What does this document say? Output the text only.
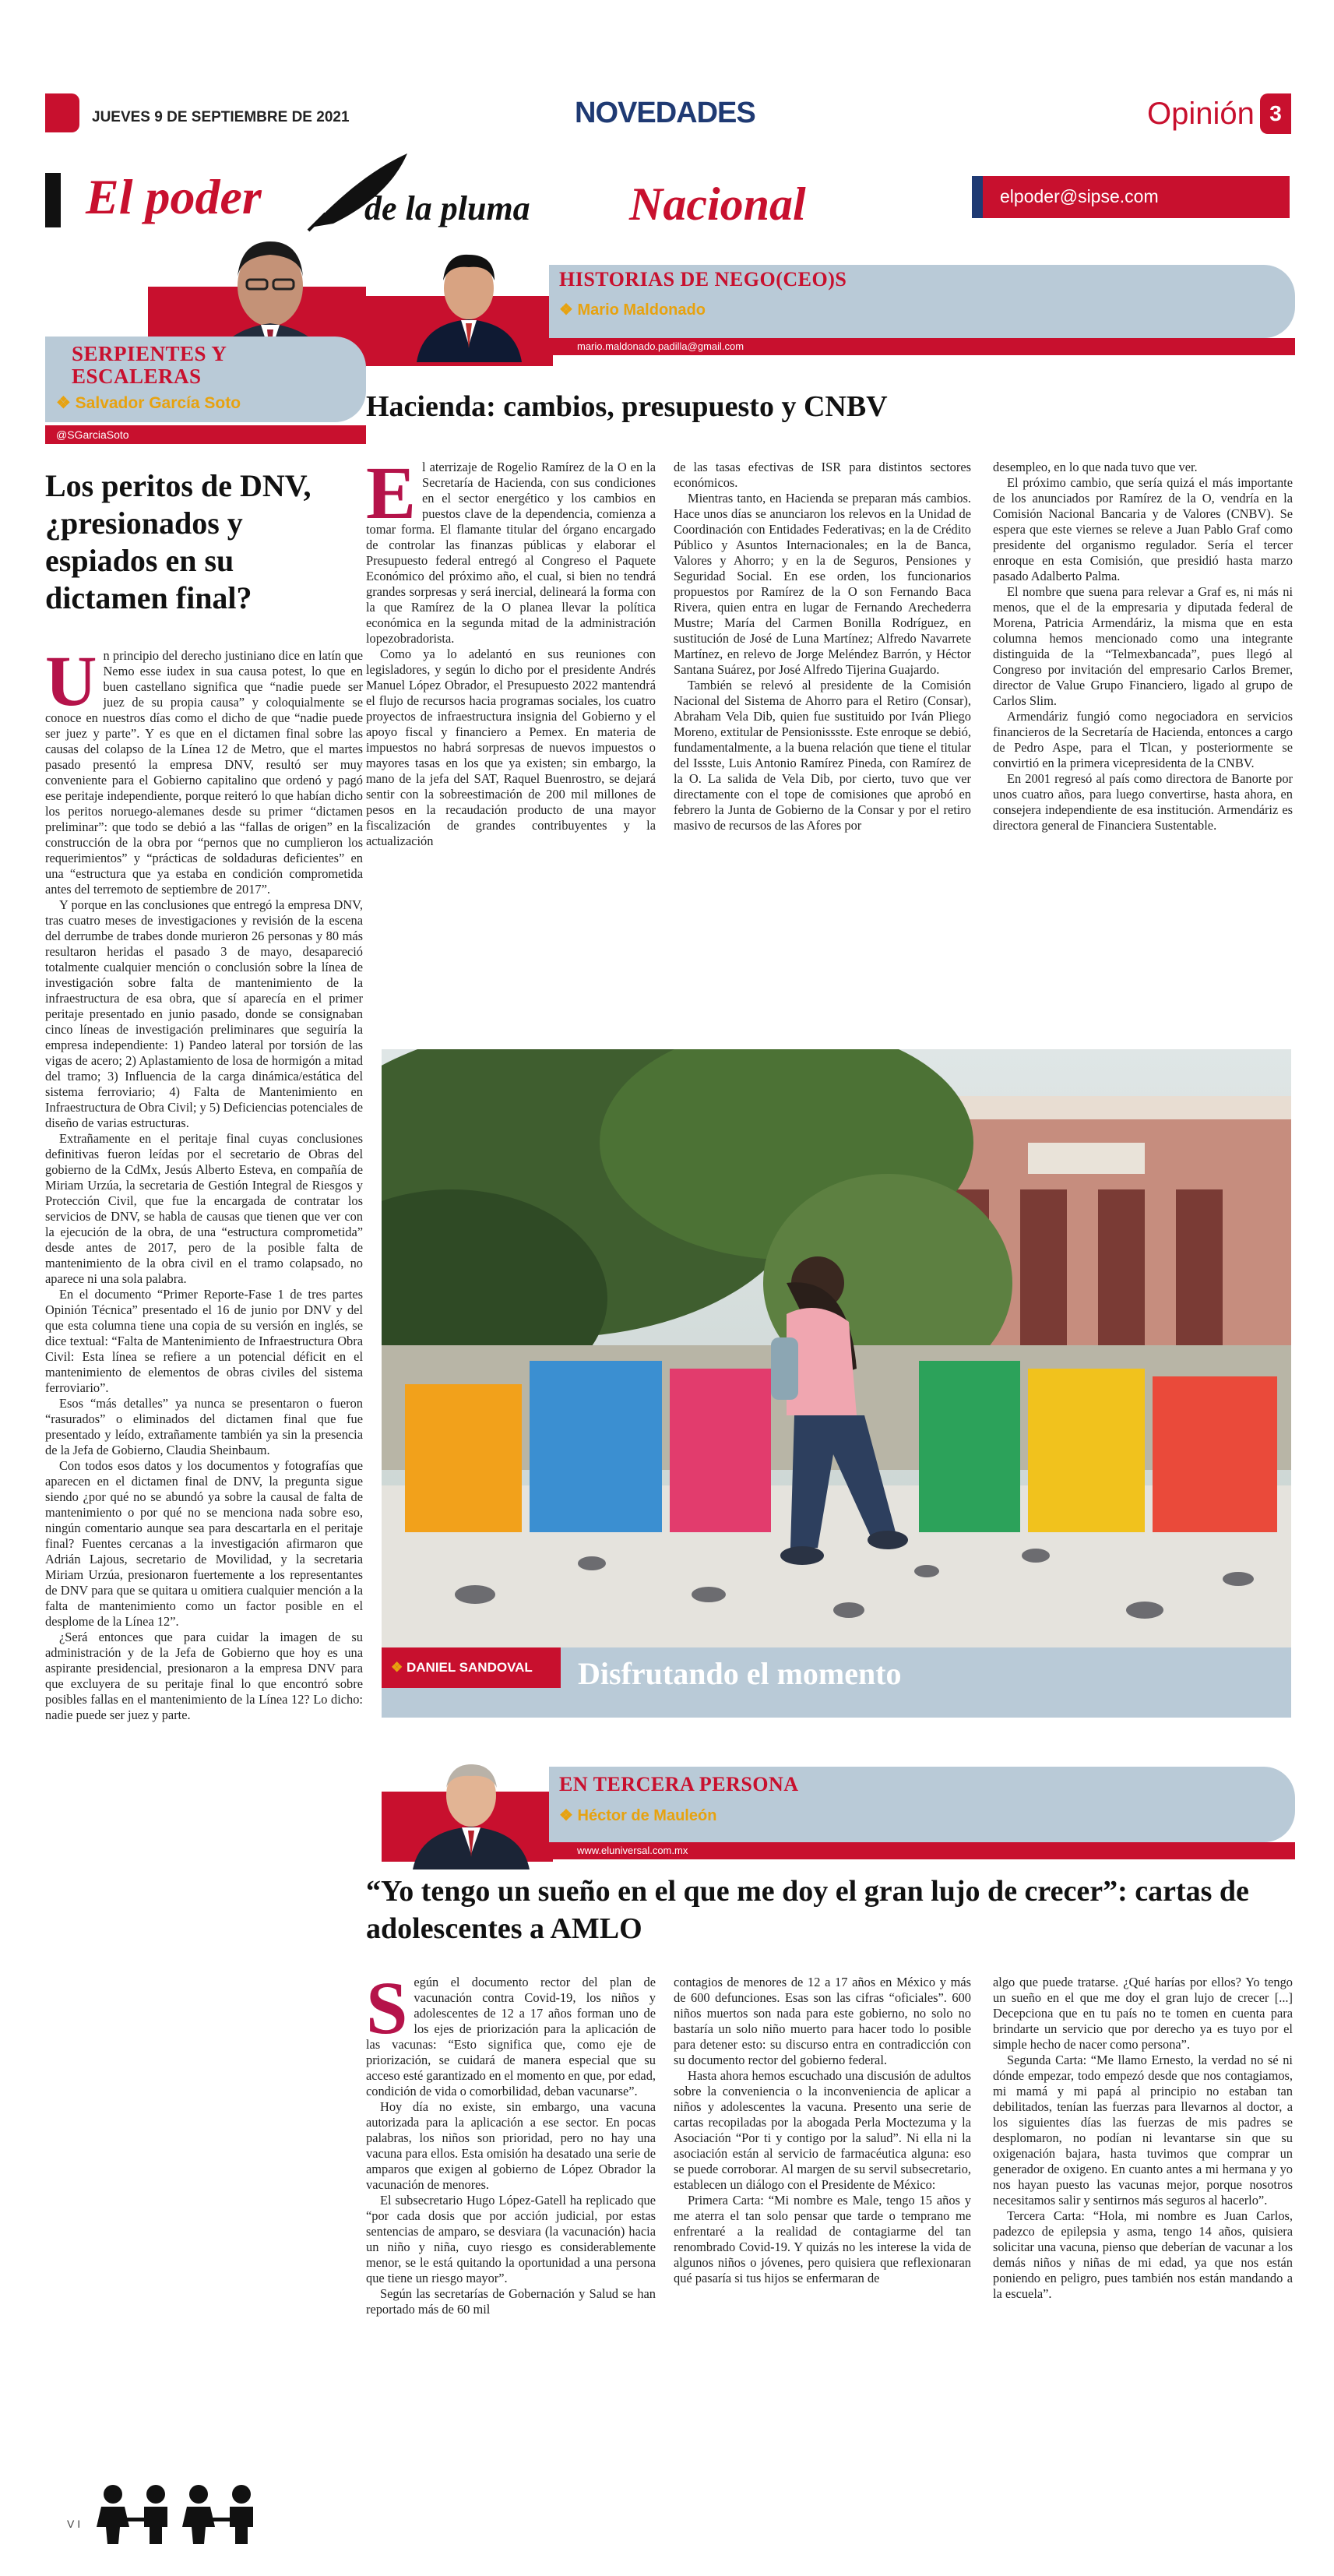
JUEVES 9 DE SEPTIEMBRE DE 2021	NOVEDADES	Opinión 3
El poder	de la pluma Nacional	elpoder@sipse.com
SERPIENTES Y ESCALERAS
❖ Salvador García Soto
@SGarciaSoto
Los peritos de DNV, ¿presionados y espiados en su dictamen final?
U n principio del derecho justiniano dice en latín que Nemo esse iudex in sua causa potest, lo que en buen castellano significa que “nadie puede ser juez de su propia causa” y coloquialmente se conoce en nuestros días como el dicho de que “nadie puede ser juez y parte”. Y es que en el dictamen final sobre las causas del colapso de la Línea 12 de Metro, que el martes pasado presentó la empresa DNV, resultó ser muy conveniente para el Gobierno capitalino que ordenó y pagó ese peritaje independiente, porque reiteró lo que habían dicho los peritos noruego-alemanes desde su primer “dictamen preliminar”: que todo se debió a las “fallas de origen” en la construcción de la obra por “pernos que no cumplieron los requerimientos” y “prácticas de soldaduras deficientes” en una “estructura que ya estaba en condición comprometida antes del terremoto de septiembre de 2017”.

Y porque en las conclusiones que entregó la empresa DNV, tras cuatro meses de investigaciones y revisión de la escena del derrumbe de trabes donde murieron 26 personas y 80 más resultaron heridas el pasado 3 de mayo, desapareció totalmente cualquier mención o conclusión sobre la línea de investigación sobre falta de mantenimiento de la infraestructura de esa obra, que sí aparecía en el primer peritaje presentado en junio pasado, donde se consignaban cinco líneas de investigación preliminares que seguiría la empresa independiente: 1) Pandeo lateral por torsión de las vigas de acero; 2) Aplastamiento de losa de hormigón a mitad del tramo; 3) Influencia de la carga dinámica/estática del sistema ferroviario; 4) Falta de Mantenimiento en Infraestructura de Obra Civil; y 5) Deficiencias potenciales de diseño de varias estructuras.

Extrañamente en el peritaje final cuyas conclusiones definitivas fueron leídas por el secretario de Obras del gobierno de la CdMx, Jesús Alberto Esteva, en compañía de Miriam Urzúa, la secretaria de Gestión Integral de Riesgos y Protección Civil, que fue la encargada de contratar los servicios de DNV, se habla de causas que tienen que ver con la ejecución de la obra, de una “estructura comprometida” desde antes de 2017, pero de la posible falta de mantenimiento de la obra civil en el tramo colapsado, no aparece ni una sola palabra.

En el documento “Primer Reporte-Fase 1 de tres partes Opinión Técnica” presentado el 16 de junio por DNV y del que esta columna tiene una copia de su versión en inglés, se dice textual: “Falta de Mantenimiento de Infraestructura Obra Civil: Esta línea se refiere a un potencial déficit en el mantenimiento de elementos de obras civiles del sistema ferroviario”.

Esos “más detalles” ya nunca se presentaron o fueron “rasurados” o eliminados del dictamen final que fue presentado y leído, extrañamente también ya sin la presencia de la Jefa de Gobierno, Claudia Sheinbaum.

Con todos esos datos y los documentos y fotografías que aparecen en el dictamen final de DNV, la pregunta sigue siendo ¿por qué no se abundó ya sobre la causal de falta de mantenimiento o por qué no se menciona nada sobre eso, ningún comentario aunque sea para descartarla en el peritaje final? Fuentes cercanas a la investigación afirmaron que Adrián Lajous, secretario de Movilidad, y la secretaria Miriam Urzúa, presionaron fuertemente a los representantes de DNV para que se quitara u omitiera cualquier mención a la falta de mantenimiento como un factor posible en el desplome de la Línea 12”.

¿Será entonces que para cuidar la imagen de su administración y de la Jefa de Gobierno que hoy es una aspirante presidencial, presionaron a la empresa DNV para que excluyera de su peritaje final lo que encontró sobre posibles fallas en el mantenimiento de la Línea 12? Lo dicho: nadie puede ser juez y parte.

V I
HISTORIAS DE NEGO(CEO)S
❖ Mario Maldonado
mario.maldonado.padilla@gmail.com
Hacienda: cambios, presupuesto y CNBV
E l aterrizaje de Rogelio Ramírez de la O en la Secretaría de Hacienda, con sus condiciones en el sector energético y los cambios en puestos clave de la dependencia, comienza a tomar forma. El flamante titular del órgano encargado de controlar las finanzas públicas y elaborar el Presupuesto federal entregó al Congreso el Paquete Económico del próximo año, el cual, si bien no tendrá grandes sorpresas y será inercial, delineará la forma con la que Ramírez de la O planea llevar la política económica en la segunda mitad de la administración lopezobradorista.

Como ya lo adelantó en sus reuniones con legisladores, y según lo dicho por el presidente Andrés Manuel López Obrador, el Presupuesto 2022 mantendrá el flujo de recursos hacia programas sociales, los cuatro proyectos de infraestructura insignia del Gobierno y el apoyo fiscal y financiero a Pemex. En materia de impuestos no habrá sorpresas de nuevos impuestos o mayores tasas en los que ya existen; sin embargo, la mano de la jefa del SAT, Raquel Buenrostro, se dejará sentir con la sobreestimación de 200 mil millones de pesos en la recaudación producto de una mayor fiscalización de grandes contribuyentes y la actualización

de las tasas efectivas de ISR para distintos sectores económicos.

Mientras tanto, en Hacienda se preparan más cambios. Hace unos días se anunciaron los relevos en la Unidad de Coordinación con Entidades Federativas; en la de Crédito Público y Asuntos Internacionales; en la de Banca, Valores y Ahorro; y en la de Seguros, Pensiones y Seguridad Social. En ese orden, los funcionarios propuestos por Ramírez de la O son Fernando Baca Rivera, quien entra en lugar de Fernando Arechederra Mustre; María del Carmen Bonilla Rodríguez, en sustitución de José de Luna Martínez; Alfredo Navarrete Martínez, en relevo de Jorge Meléndez Barrón, y Héctor Santana Suárez, por José Alfredo Tijerina Guajardo.

También se relevó al presidente de la Comisión Nacional del Sistema de Ahorro para el Retiro (Consar), Abraham Vela Dib, quien fue sustituido por Iván Pliego Moreno, extitular de Pensionissste. Este enroque se debió, fundamentalmente, a la buena relación que tiene el titular del Issste, Luis Antonio Ramírez Pineda, con Ramírez de la O. La salida de Vela Dib, por cierto, tuvo que ver directamente con el tope de comisiones que aprobó en febrero la Junta de Gobierno de la Consar y por el retiro masivo de recursos de las Afores por

desempleo, en lo que nada tuvo que ver.

El próximo cambio, que sería quizá el más importante de los anunciados por Ramírez de la O, vendría en la Comisión Nacional Bancaria y de Valores (CNBV). Se espera que este viernes se releve a Juan Pablo Graf como presidente del organismo regulador. Sería el tercer enroque en esta Comisión, que presidió hasta marzo pasado Adalberto Palma.

El nombre que suena para relevar a Graf es, ni más ni menos, que el de la empresaria y diputada federal de Morena, Patricia Armendáriz, la misma que en esta columna hemos mencionado como una integrante distinguida de la “Telmexbancada”, pues llegó al Congreso por invitación del empresario Carlos Bremer, director de Value Grupo Financiero, ligado al grupo de Carlos Slim.

Armendáriz fungió como negociadora en servicios financieros de la Secretaría de Hacienda, entonces a cargo de Pedro Aspe, para el Tlcan, y posteriormente se convirtió en la primera vicepresidenta de la CNBV.

En 2001 regresó al país como directora de Banorte por unos cuatro años, para luego convertirse, hasta ahora, en consejera independiente de esa institución. Armendáriz es directora general de Financiera Sustentable.

❖ DANIEL SANDOVAL	Disfrutando el momento
EN TERCERA PERSONA
❖ Héctor de Mauleón
www.eluniversal.com.mx
“Yo tengo un sueño en el que me doy el gran lujo de crecer”: cartas de adolescentes a AMLO
S egún el documento rector del plan de vacunación contra Covid-19, los niños y adolescentes de 12 a 17 años forman uno de los ejes de priorización para la aplicación de las vacunas: “Esto significa que, como eje de priorización, se cuidará de manera especial que su acceso esté garantizado en el momento en que, por edad, condición de vida o comorbilidad, deban vacunarse”.

Hoy día no existe, sin embargo, una vacuna autorizada para la aplicación a ese sector. En pocas palabras, los niños son prioridad, pero no hay una vacuna para ellos. Esta omisión ha desatado una serie de amparos que exigen al gobierno de López Obrador la vacunación de menores.

El subsecretario Hugo López-Gatell ha replicado que “por cada dosis que por acción judicial, por estas sentencias de amparo, se desviara (la vacunación) hacia un niño y niña, cuyo riesgo es considerablemente menor, se le está quitando la oportunidad a una persona que tiene un riesgo mayor”.

Según las secretarías de Gobernación y Salud se han reportado más de 60 mil

contagios de menores de 12 a 17 años en México y más de 600 defunciones. Esas son las cifras “oficiales”. 600 niños muertos son nada para este gobierno, no solo no bastaría un solo niño muerto para hacer todo lo posible para detener esto: su discurso entra en contradicción con su documento rector del gobierno federal.

Hasta ahora hemos escuchado una discusión de adultos sobre la conveniencia o la inconveniencia de aplicar a niños y adolescentes la vacuna. Presento una serie de cartas recopiladas por la abogada Perla Moctezuma y la Asociación “Por ti y contigo por la salud”. Ni ella ni la asociación están al servicio de farmacéutica alguna: eso se puede corroborar. Al margen de su servil subsecretario, establecen un diálogo con el Presidente de México:

Primera Carta: “Mi nombre es Male, tengo 15 años y me aterra el tan solo pensar que tarde o temprano me enfrentaré a la realidad de contagiarme del tan renombrado Covid-19. Y quizás no les interese la vida de algunos niños o jóvenes, pero quisiera que reflexionaran qué pasaría si tus hijos se enfermaran de

algo que puede tratarse. ¿Qué harías por ellos? Yo tengo un sueño en el que me doy el gran lujo de crecer [...] Decepciona que en tu país no te tomen en cuenta para brindarte un servicio que por derecho ya es tuyo por el simple hecho de nacer como persona”.

Segunda Carta: “Me llamo Ernesto, la verdad no sé ni dónde empezar, todo empezó desde que nos contagiamos, mi mamá y mi papá al principio no estaban tan debilitados, tenían las fuerzas para llevarnos al doctor, a los siguientes días las fuerzas de mis padres se desplomaron, no podían ni levantarse sin que su oxigenación bajara, hasta tuvimos que comprar un generador de oxigeno. En cuanto antes a mi hermana y yo nos hayan puesto las vacunas mejor, porque nosotros necesitamos salir y sentirnos más seguros al hacerlo”.

Tercera Carta: “Hola, mi nombre es Juan Carlos, padezco de epilepsia y asma, tengo 14 años, quisiera solicitar una vacuna, pienso que deberían de vacunar a los demás niños y niñas de mi edad, ya que nos están poniendo en peligro, pues también nos están mandando a la escuela”.
